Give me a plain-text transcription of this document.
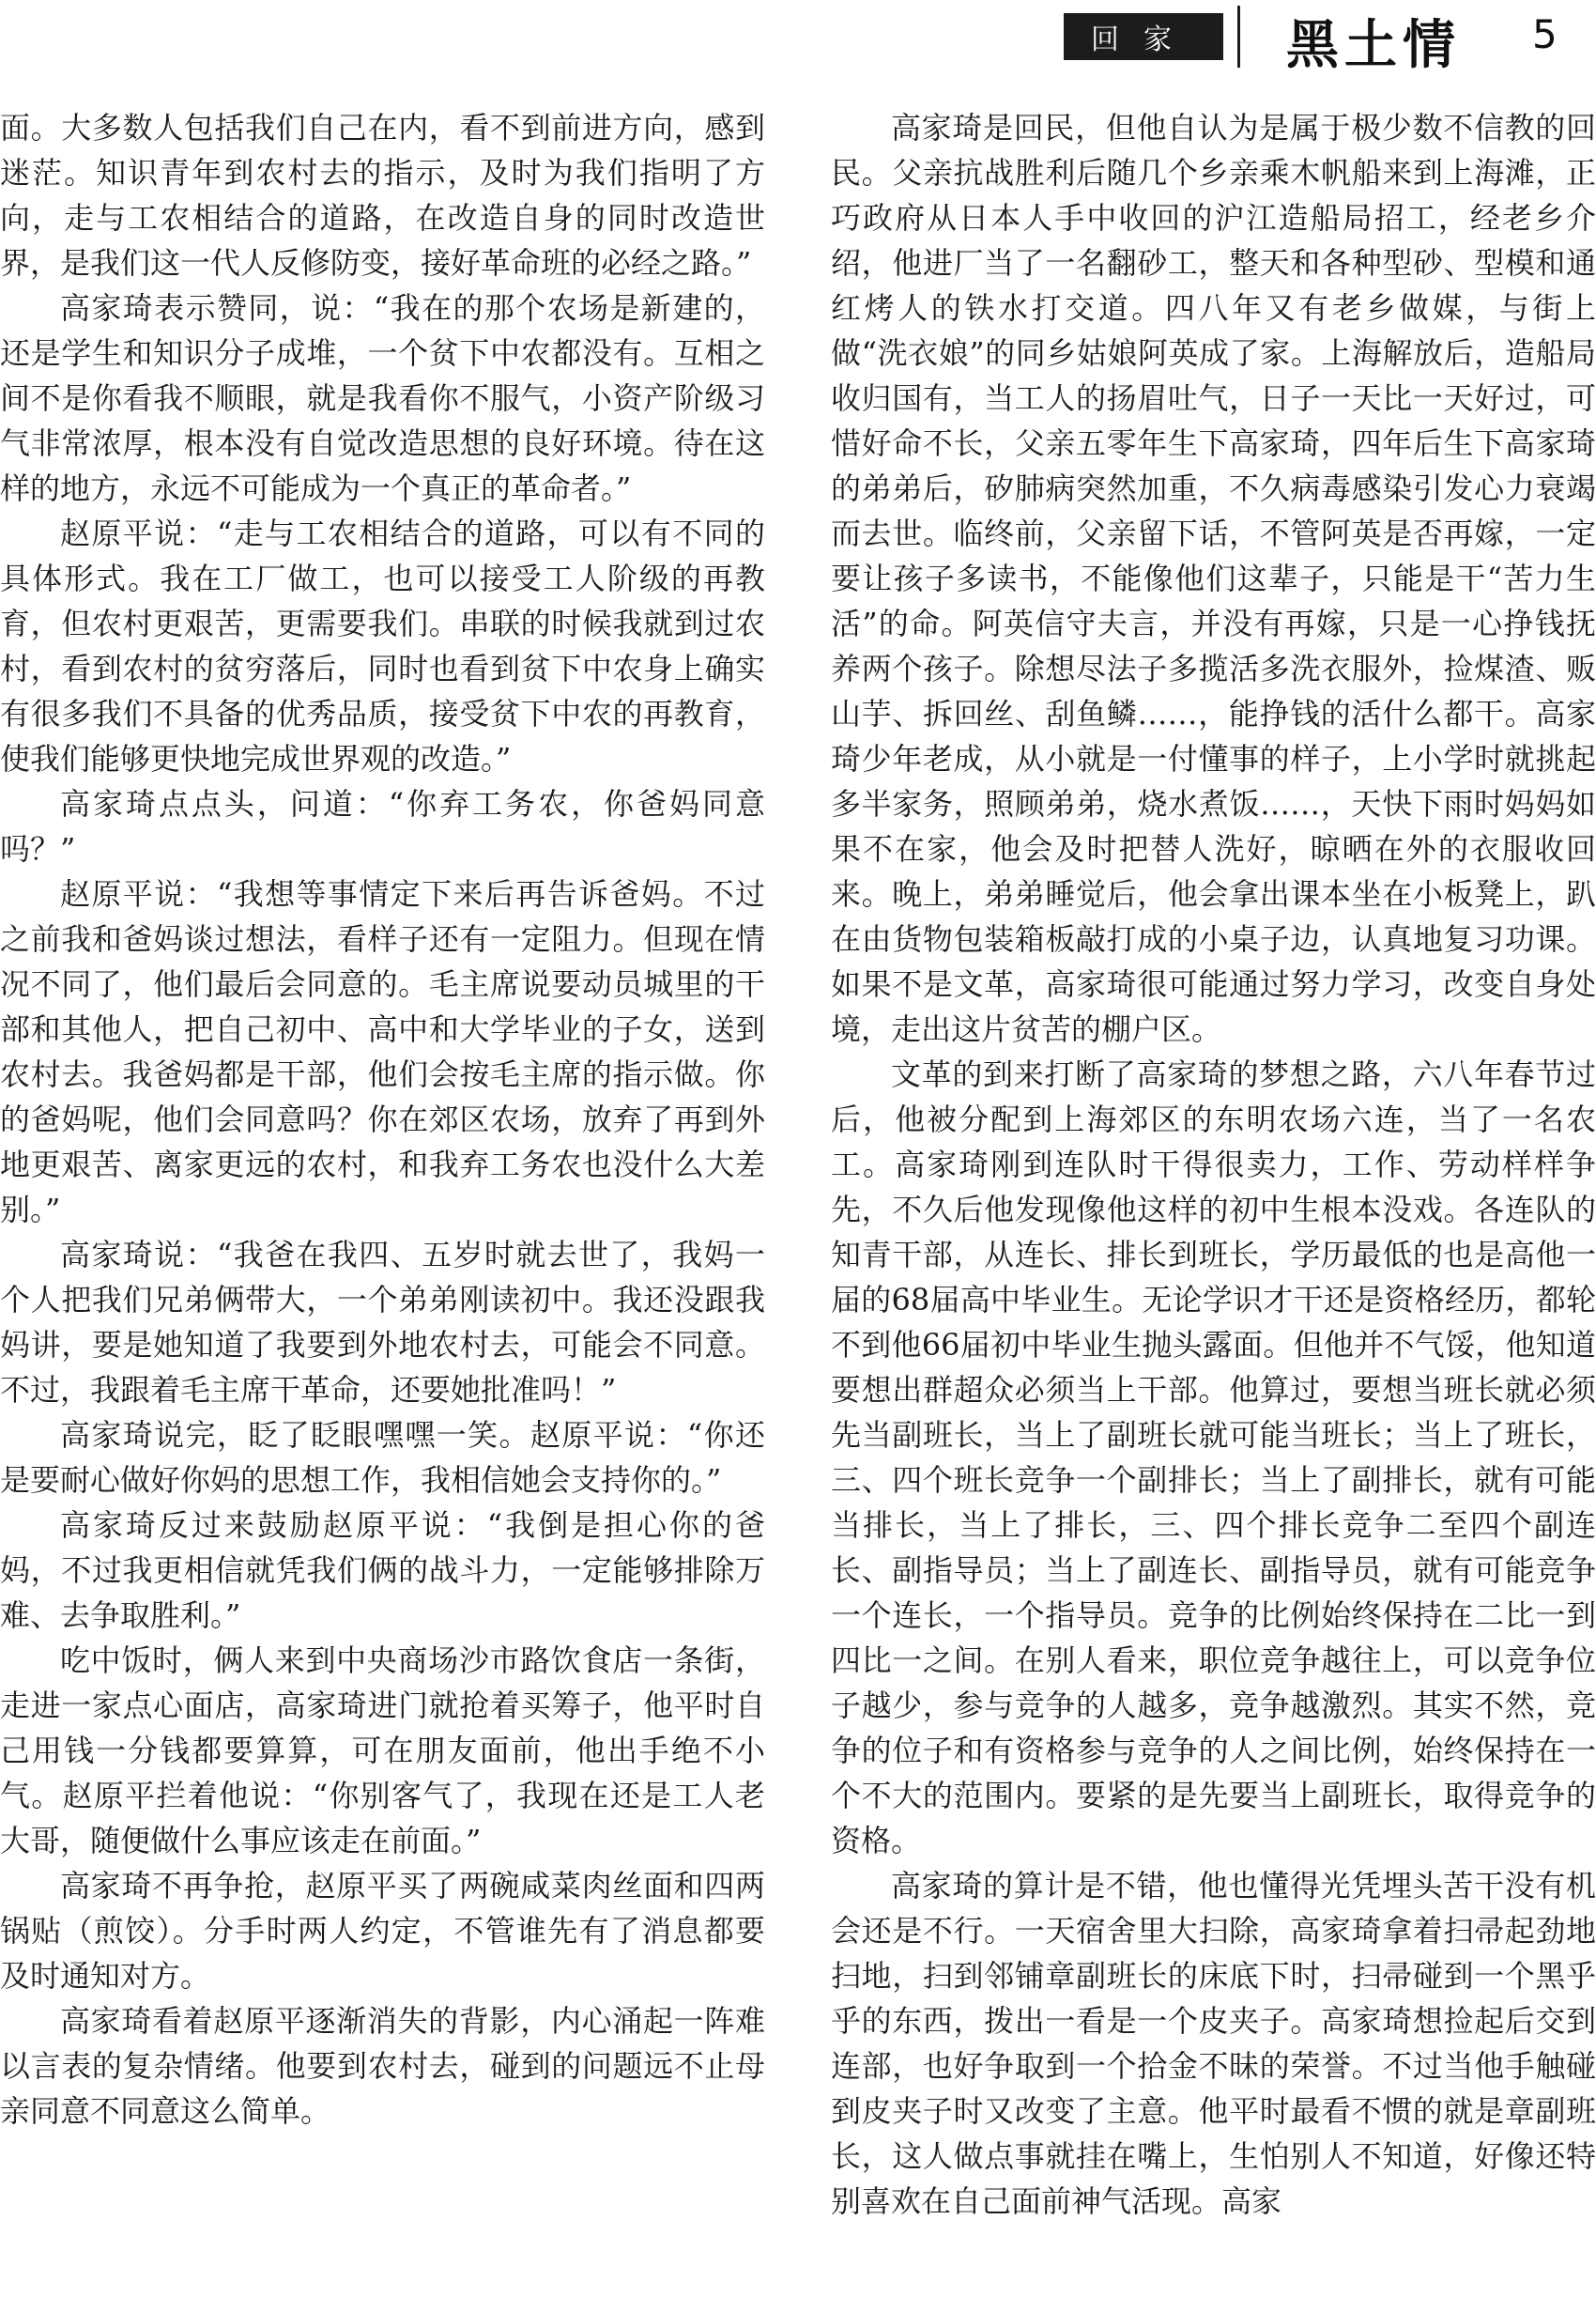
回家	黑土情 5

面。大多数人包括我们自己在内，看不到前进方向，感到迷茫。知识青年到农村去的指示，及时为我们指明了方向，走与工农相结合的道路，在改造自身的同时改造世界，是我们这一代人反修防变，接好革命班的必经之路。”

高家琦表示赞同，说：“我在的那个农场是新建的，还是学生和知识分子成堆，一个贫下中农都没有。互相之间不是你看我不顺眼，就是我看你不服气，小资产阶级习气非常浓厚，根本没有自觉改造思想的良好环境。待在这样的地方，永远不可能成为一个真正的革命者。”

赵原平说：“走与工农相结合的道路，可以有不同的具体形式。我在工厂做工，也可以接受工人阶级的再教育，但农村更艰苦，更需要我们。串联的时候我就到过农村，看到农村的贫穷落后，同时也看到贫下中农身上确实有很多我们不具备的优秀品质，接受贫下中农的再教育，使我们能够更快地完成世界观的改造。”

高家琦点点头，问道：“你弃工务农，你爸妈同意吗？”

赵原平说：“我想等事情定下来后再告诉爸妈。不过之前我和爸妈谈过想法，看样子还有一定阻力。但现在情况不同了，他们最后会同意的。毛主席说要动员城里的干部和其他人，把自己初中、高中和大学毕业的子女，送到农村去。我爸妈都是干部，他们会按毛主席的指示做。你的爸妈呢，他们会同意吗？你在郊区农场，放弃了再到外地更艰苦、离家更远的农村，和我弃工务农也没什么大差别。”

高家琦说：“我爸在我四、五岁时就去世了，我妈一个人把我们兄弟俩带大，一个弟弟刚读初中。我还没跟我妈讲，要是她知道了我要到外地农村去，可能会不同意。不过，我跟着毛主席干革命，还要她批准吗！”

高家琦说完，眨了眨眼嘿嘿一笑。赵原平说：“你还是要耐心做好你妈的思想工作，我相信她会支持你的。”

高家琦反过来鼓励赵原平说：“我倒是担心你的爸妈，不过我更相信就凭我们俩的战斗力，一定能够排除万难、去争取胜利。”

吃中饭时，俩人来到中央商场沙市路饮食店一条街，走进一家点心面店，高家琦进门就抢着买筹子，他平时自己用钱一分钱都要算算，可在朋友面前，他出手绝不小气。赵原平拦着他说：“你别客气了，我现在还是工人老大哥，随便做什么事应该走在前面。”

高家琦不再争抢，赵原平买了两碗咸菜肉丝面和四两锅贴（煎饺）。分手时两人约定，不管谁先有了消息都要及时通知对方。

高家琦看着赵原平逐渐消失的背影，内心涌起一阵难以言表的复杂情绪。他要到农村去，碰到的问题远不止母亲同意不同意这么简单。

高家琦是回民，但他自认为是属于极少数不信教的回民。父亲抗战胜利后随几个乡亲乘木帆船来到上海滩，正巧政府从日本人手中收回的沪江造船局招工，经老乡介绍，他进厂当了一名翻砂工，整天和各种型砂、型模和通红烤人的铁水打交道。四八年又有老乡做媒，与街上做“洗衣娘”的同乡姑娘阿英成了家。上海解放后，造船局收归国有，当工人的扬眉吐气，日子一天比一天好过，可惜好命不长，父亲五零年生下高家琦，四年后生下高家琦的弟弟后，矽肺病突然加重，不久病毒感染引发心力衰竭而去世。临终前，父亲留下话，不管阿英是否再嫁，一定要让孩子多读书，不能像他们这辈子，只能是干“苦力生活”的命。阿英信守夫言，并没有再嫁，只是一心挣钱抚养两个孩子。除想尽法子多揽活多洗衣服外，捡煤渣、贩山芋、拆回丝、刮鱼鳞……，能挣钱的活什么都干。高家琦少年老成，从小就是一付懂事的样子，上小学时就挑起多半家务，照顾弟弟，烧水煮饭……，天快下雨时妈妈如果不在家，他会及时把替人洗好，晾晒在外的衣服收回来。晚上，弟弟睡觉后，他会拿出课本坐在小板凳上，趴在由货物包装箱板敲打成的小桌子边，认真地复习功课。如果不是文革，高家琦很可能通过努力学习，改变自身处境，走出这片贫苦的棚户区。

文革的到来打断了高家琦的梦想之路，六八年春节过后，他被分配到上海郊区的东明农场六连，当了一名农工。高家琦刚到连队时干得很卖力，工作、劳动样样争先，不久后他发现像他这样的初中生根本没戏。各连队的知青干部，从连长、排长到班长，学历最低的也是高他一届的68届高中毕业生。无论学识才干还是资格经历，都轮不到他66届初中毕业生抛头露面。但他并不气馁，他知道要想出群超众必须当上干部。他算过，要想当班长就必须先当副班长，当上了副班长就可能当班长；当上了班长，三、四个班长竞争一个副排长；当上了副排长，就有可能当排长，当上了排长，三、四个排长竞争二至四个副连长、副指导员；当上了副连长、副指导员，就有可能竞争一个连长，一个指导员。竞争的比例始终保持在二比一到四比一之间。在别人看来，职位竞争越往上，可以竞争位子越少，参与竞争的人越多，竞争越激烈。其实不然，竞争的位子和有资格参与竞争的人之间比例，始终保持在一个不大的范围内。要紧的是先要当上副班长，取得竞争的资格。

高家琦的算计是不错，他也懂得光凭埋头苦干没有机会还是不行。一天宿舍里大扫除，高家琦拿着扫帚起劲地扫地，扫到邻铺章副班长的床底下时，扫帚碰到一个黑乎乎的东西，拨出一看是一个皮夹子。高家琦想捡起后交到连部，也好争取到一个拾金不昧的荣誉。不过当他手触碰到皮夹子时又改变了主意。他平时最看不惯的就是章副班长，这人做点事就挂在嘴上，生怕别人不知道，好像还特别喜欢在自己面前神气活现。高家
